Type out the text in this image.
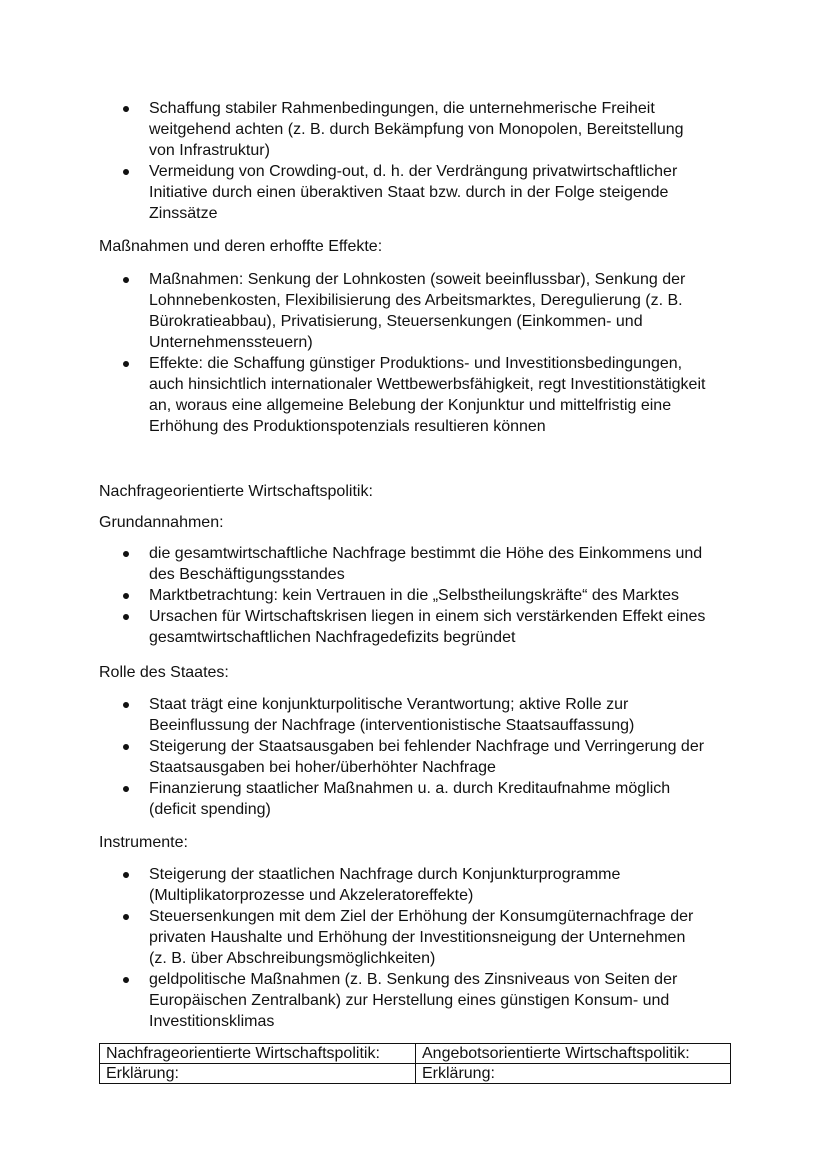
Schaffung stabiler Rahmenbedingungen, die unternehmerische Freiheit
weitgehend achten (z. B. durch Bekämpfung von Monopolen, Bereitstellung
von Infrastruktur)
Vermeidung von Crowding-out, d. h. der Verdrängung privatwirtschaftlicher
Initiative durch einen überaktiven Staat bzw. durch in der Folge steigende
Zinssätze

Maßnahmen und deren erhoffte Effekte:

Maßnahmen: Senkung der Lohnkosten (soweit beeinflussbar), Senkung der
Lohnnebenkosten, Flexibilisierung des Arbeitsmarktes, Deregulierung (z. B.
Bürokratieabbau), Privatisierung, Steuersenkungen (Einkommen- und
Unternehmenssteuern)
Effekte: die Schaffung günstiger Produktions- und Investitionsbedingungen,
auch hinsichtlich internationaler Wettbewerbsfähigkeit, regt Investitionstätigkeit
an, woraus eine allgemeine Belebung der Konjunktur und mittelfristig eine
Erhöhung des Produktionspotenzials resultieren können

Nachfrageorientierte Wirtschaftspolitik:

Grundannahmen:

die gesamtwirtschaftliche Nachfrage bestimmt die Höhe des Einkommens und
des Beschäftigungsstandes
Marktbetrachtung: kein Vertrauen in die „Selbstheilungskräfte“ des Marktes
Ursachen für Wirtschaftskrisen liegen in einem sich verstärkenden Effekt eines
gesamtwirtschaftlichen Nachfragedefizits begründet

Rolle des Staates:

Staat trägt eine konjunkturpolitische Verantwortung; aktive Rolle zur
Beeinflussung der Nachfrage (interventionistische Staatsauffassung)
Steigerung der Staatsausgaben bei fehlender Nachfrage und Verringerung der
Staatsausgaben bei hoher/überhöhter Nachfrage
Finanzierung staatlicher Maßnahmen u. a. durch Kreditaufnahme möglich
(deficit spending)

Instrumente:

Steigerung der staatlichen Nachfrage durch Konjunkturprogramme
(Multiplikatorprozesse und Akzeleratoreffekte)
Steuersenkungen mit dem Ziel der Erhöhung der Konsumgüternachfrage der
privaten Haushalte und Erhöhung der Investitionsneigung der Unternehmen
(z. B. über Abschreibungsmöglichkeiten)
geldpolitische Maßnahmen (z. B. Senkung des Zinsniveaus von Seiten der
Europäischen Zentralbank) zur Herstellung eines günstigen Konsum- und
Investitionsklimas
Nachfrageorientierte Wirtschaftspolitik:	Angebotsorientierte Wirtschaftspolitik:
Erklärung:	Erklärung:
